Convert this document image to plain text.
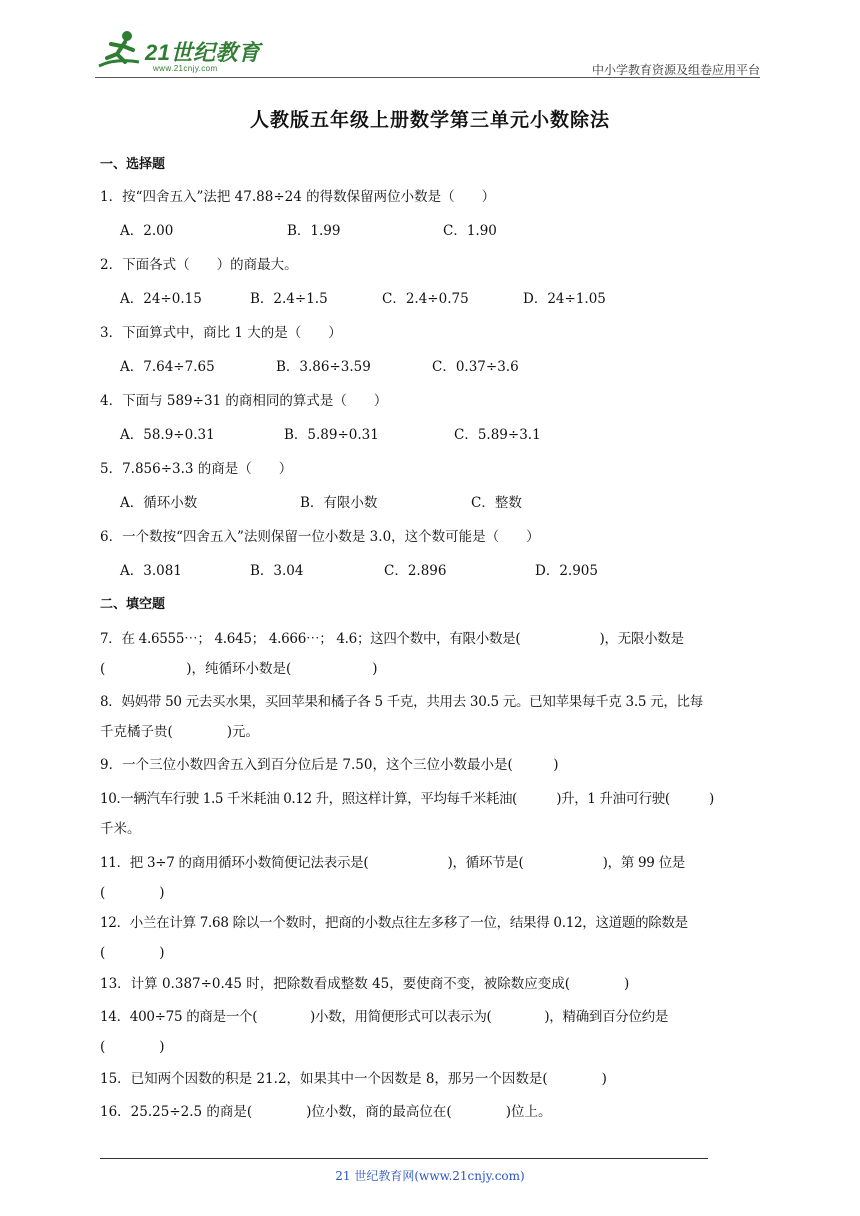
21世纪教育
www.21cnjy.com	中小学教育资源及组卷应用平台
人教版五年级上册数学第三单元小数除法
一、选择题
1．按“四舍五入”法把 47.88÷24 的得数保留两位小数是（　　）
A．2.00	B．1.99	C．1.90
2．下面各式（　　）的商最大。
A．24÷0.15	B．2.4÷1.5	C．2.4÷0.75	D．24÷1.05
3．下面算式中，商比 1 大的是（　　）
A．7.64÷7.65	B．3.86÷3.59	C．0.37÷3.6
4．下面与 589÷31 的商相同的算式是（　　）
A．58.9÷0.31	B．5.89÷0.31	C．5.89÷3.1
5．7.856÷3.3 的商是（　　）
A．循环小数	B．有限小数	C．整数
6．一个数按“四舍五入”法则保留一位小数是 3.0，这个数可能是（　　）
A．3.081	B．3.04	C．2.896	D．2.905
二、填空题
7．在 4.6555⋯； 4.645； 4.666⋯； 4.6；这四个数中，有限小数是(　　　　　　)，无限小数是
(　　　　　　)，纯循环小数是(　　　　　　)
8．妈妈带 50 元去买水果，买回苹果和橘子各 5 千克，共用去 30.5 元。已知苹果每千克 3.5 元，比每
千克橘子贵(　　　　)元。
9．一个三位小数四舍五入到百分位后是 7.50，这个三位小数最小是(　　　)
10.一辆汽车行驶 1.5 千米耗油 0.12 升，照这样计算，平均每千米耗油(　　　)升，1 升油可行驶(　　　)
千米。
11．把 3÷7 的商用循环小数简便记法表示是(　　　　　　)，循环节是(　　　　　　)，第 99 位是
(　　　　)
12．小兰在计算 7.68 除以一个数时，把商的小数点往左多移了一位，结果得 0.12，这道题的除数是
(　　　　)
13．计算 0.387÷0.45 时，把除数看成整数 45，要使商不变，被除数应变成(　　　　)
14．400÷75 的商是一个(　　　　)小数，用简便形式可以表示为(　　　　)，精确到百分位约是
(　　　　)
15．已知两个因数的积是 21.2，如果其中一个因数是 8，那另一个因数是(　　　　)
16．25.25÷2.5 的商是(　　　　)位小数，商的最高位在(　　　　)位上。
21 世纪教育网(www.21cnjy.com)
